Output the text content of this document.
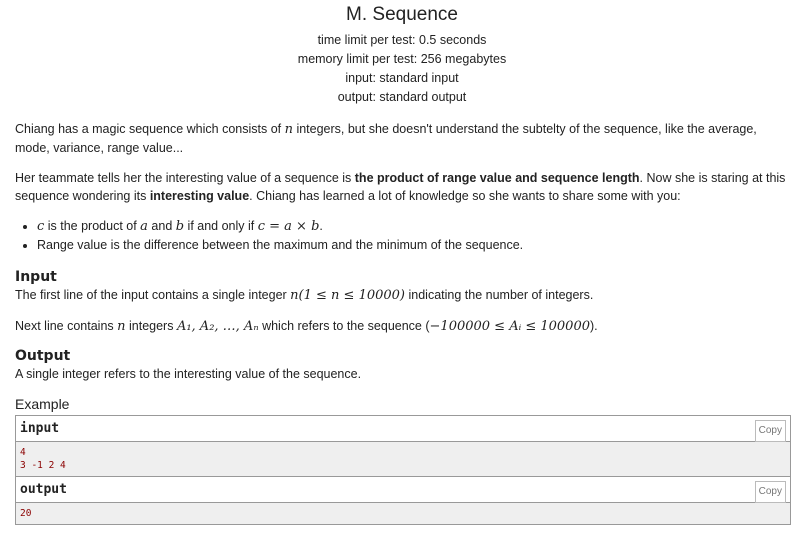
M. Sequence
time limit per test: 0.5 seconds
memory limit per test: 256 megabytes
input: standard input
output: standard output

Chiang has a magic sequence which consists of n integers, but she doesn't understand the subtelty of the sequence, like the average, mode, variance, range value...

Her teammate tells her the interesting value of a sequence is the product of range value and sequence length. Now she is staring at this sequence wondering its interesting value. Chiang has learned a lot of knowledge so she wants to share some with you:

• c is the product of a and b if and only if c = a × b.
• Range value is the difference between the maximum and the minimum of the sequence.
Input

The first line of the input contains a single integer n(1 ≤ n ≤ 10000) indicating the number of integers.

Next line contains n integers A₁, A₂, …, Aₙ which refers to the sequence (−100000 ≤ Aᵢ ≤ 100000).

Output

A single integer refers to the interesting value of the sequence.

Example
input	Copy
4
3 -1 2 4
output	Copy
20
